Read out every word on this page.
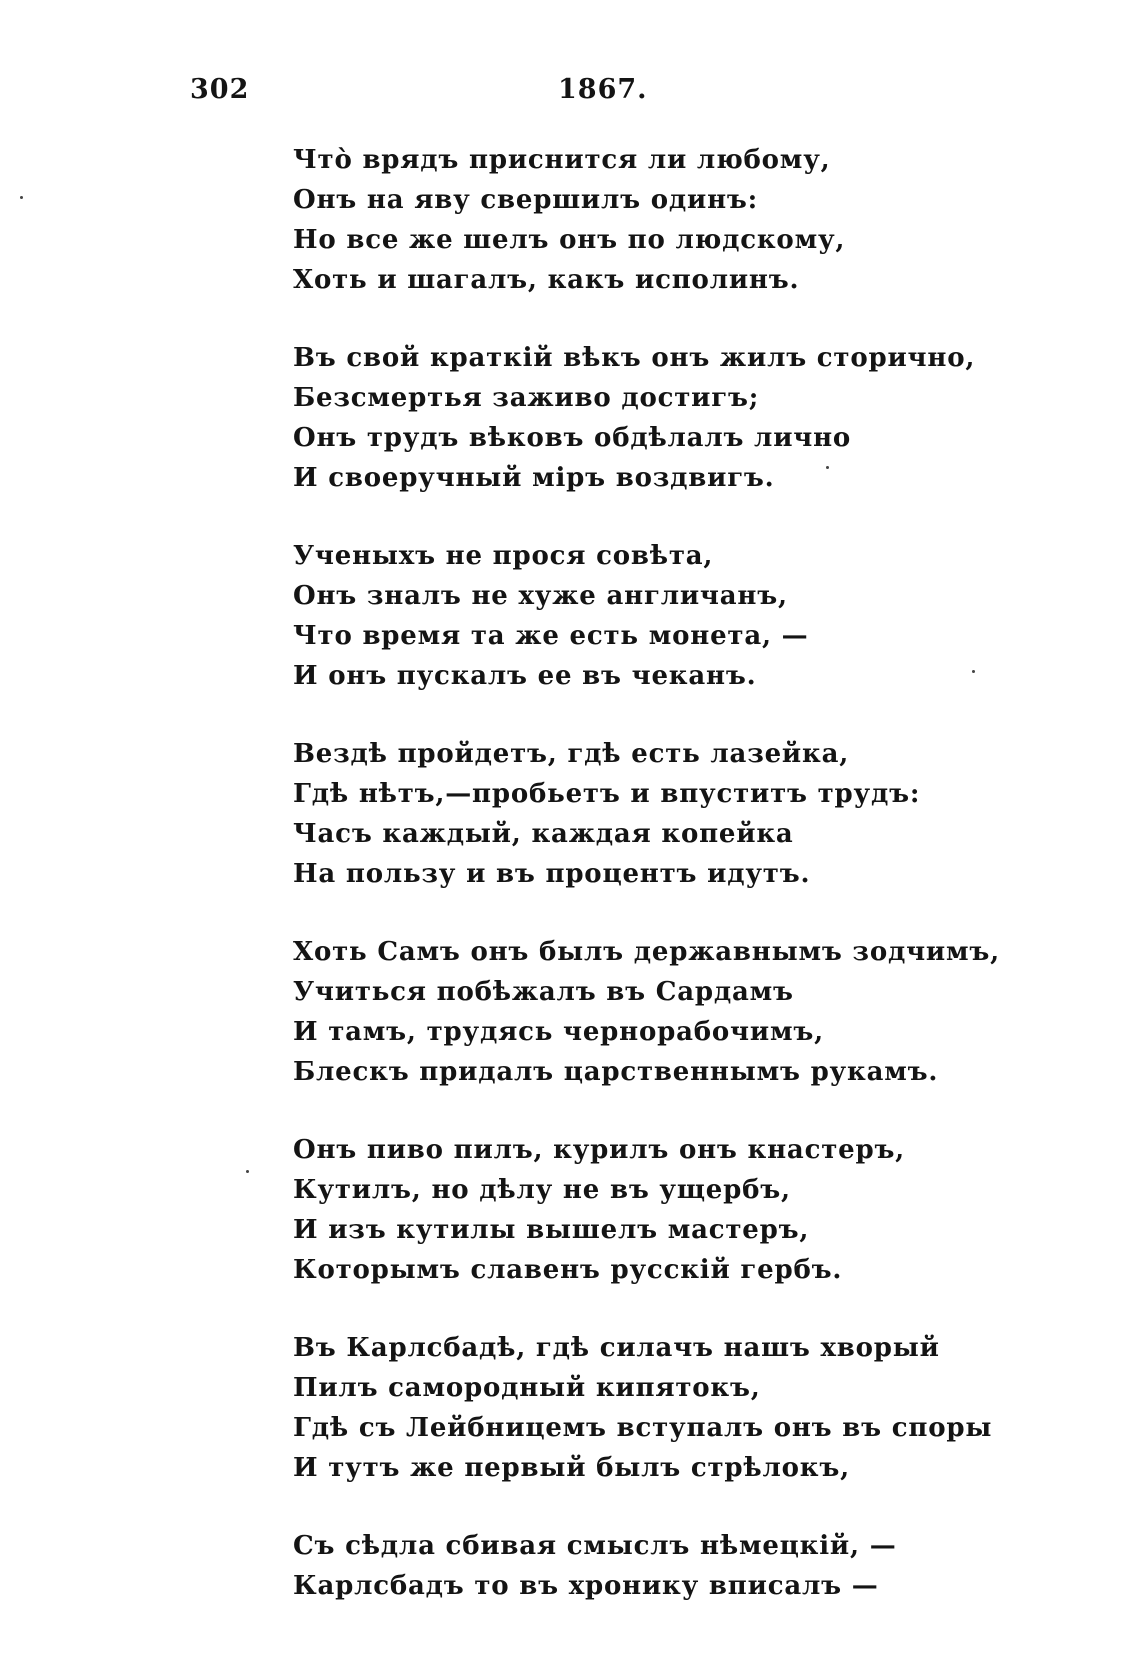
302	1867.
Что̀ врядъ приснится ли любому,
Онъ на яву свершилъ одинъ:
Но все же шелъ онъ по людскому,
Хоть и шагалъ, какъ исполинъ.
Въ свой краткій вѣкъ онъ жилъ сторично,
Безсмертья заживо достигъ;
Онъ трудъ вѣковъ обдѣлалъ лично
И своеручный міръ воздвигъ.
Ученыхъ не прося совѣта,
Онъ зналъ не хуже англичанъ,
Что время та же есть монета, —
И онъ пускалъ ее въ чеканъ.
Вездѣ пройдетъ, гдѣ есть лазейка,
Гдѣ нѣтъ,—пробьетъ и впуститъ трудъ:
Часъ каждый, каждая копейка
На пользу и въ процентъ идутъ.
Хоть Самъ онъ былъ державнымъ зодчимъ,
Учиться побѣжалъ въ Сардамъ
И тамъ, трудясь чернорабочимъ,
Блескъ придалъ царственнымъ рукамъ.
Онъ пиво пилъ, курилъ онъ кнастеръ,
Кутилъ, но дѣлу не въ ущербъ,
И изъ кутилы вышелъ мастеръ,
Которымъ славенъ русскій гербъ.
Въ Карлсбадѣ, гдѣ силачъ нашъ хворый
Пилъ самородный кипятокъ,
Гдѣ съ Лейбницемъ вступалъ онъ въ споры
И тутъ же первый былъ стрѣлокъ,
Съ сѣдла сбивая смыслъ нѣмецкій, —
Карлсбадъ то въ хронику вписалъ —
